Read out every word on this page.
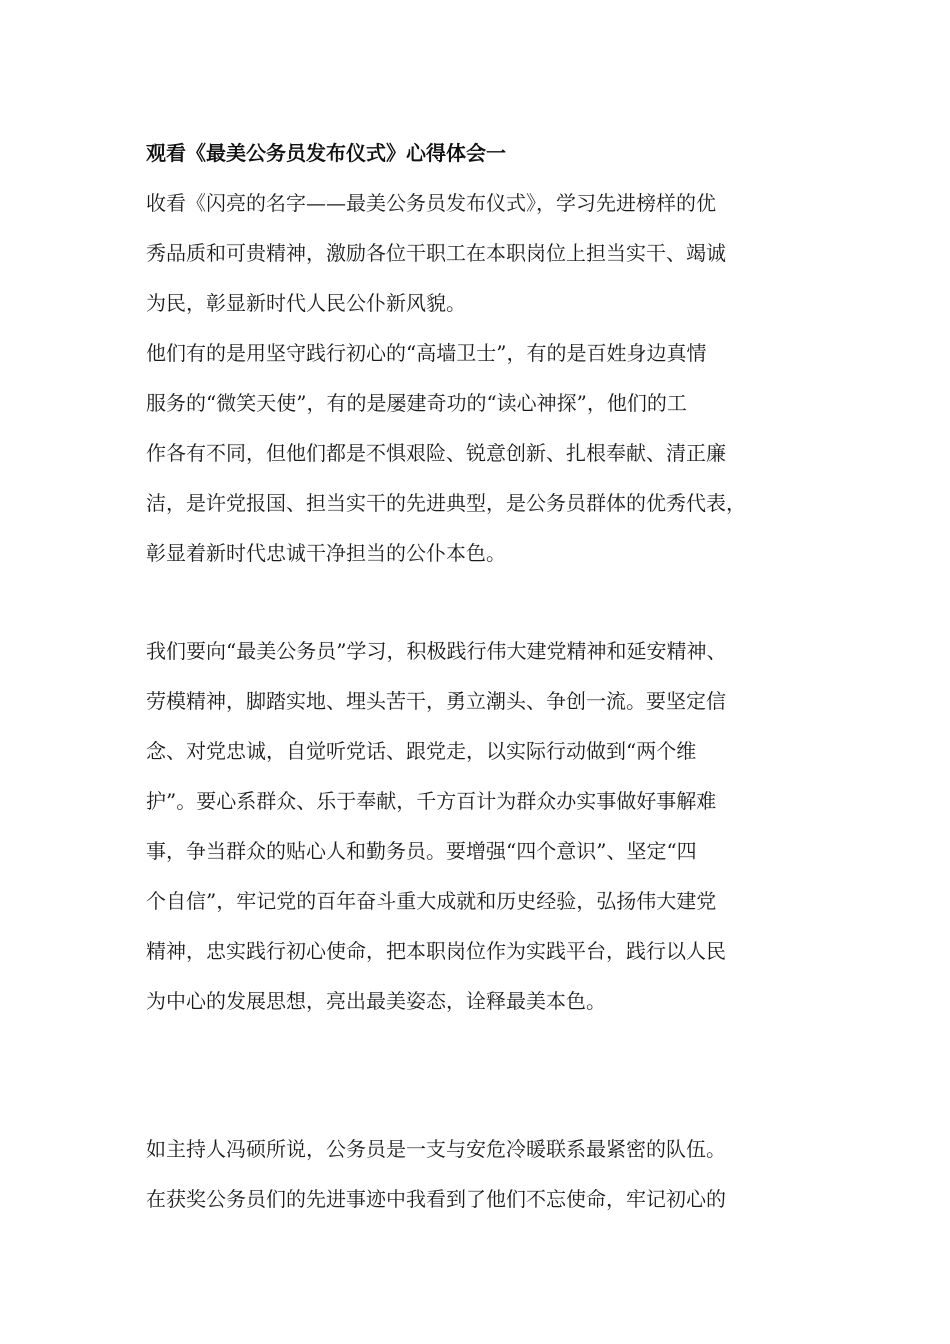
观看《最美公务员发布仪式》心得体会一
收看《闪亮的名字——最美公务员发布仪式》，学习先进榜样的优
秀品质和可贵精神，激励各位干职工在本职岗位上担当实干、竭诚
为民，彰显新时代人民公仆新风貌。
他们有的是用坚守践行初心的“高墙卫士”，有的是百姓身边真情
服务的“微笑天使”，有的是屡建奇功的“读心神探”，他们的工
作各有不同，但他们都是不惧艰险、锐意创新、扎根奉献、清正廉
洁，是许党报国、担当实干的先进典型，是公务员群体的优秀代表，
彰显着新时代忠诚干净担当的公仆本色。
我们要向“最美公务员”学习，积极践行伟大建党精神和延安精神、
劳模精神，脚踏实地、埋头苦干，勇立潮头、争创一流。要坚定信
念、对党忠诚，自觉听党话、跟党走，以实际行动做到“两个维
护”。要心系群众、乐于奉献，千方百计为群众办实事做好事解难
事，争当群众的贴心人和勤务员。要增强“四个意识”、坚定“四
个自信”，牢记党的百年奋斗重大成就和历史经验，弘扬伟大建党
精神，忠实践行初心使命，把本职岗位作为实践平台，践行以人民
为中心的发展思想，亮出最美姿态，诠释最美本色。
如主持人冯硕所说，公务员是一支与安危冷暖联系最紧密的队伍。
在获奖公务员们的先进事迹中我看到了他们不忘使命，牢记初心的
